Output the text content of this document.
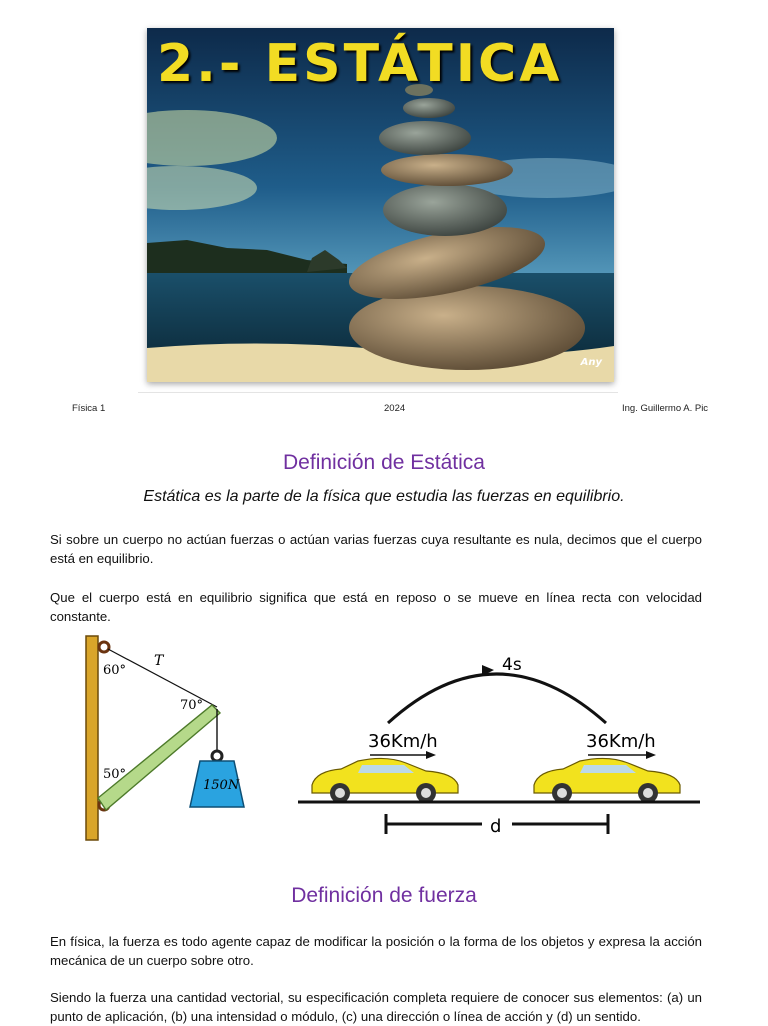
2.- ESTÁTICA
Any
Física 1	2024	Ing. Guillermo A. Pic
Definición de Estática
Estática es la parte de la física que estudia las fuerzas en equilibrio.
Si sobre un cuerpo no actúan fuerzas o actúan varias fuerzas cuya resultante es nula, decimos que el cuerpo está en equilibrio.
Que el cuerpo está en equilibrio significa que está en reposo o se mueve en línea recta con velocidad constante.
60°
T
70°
50°
150N
4s
36Km/h	36Km/h
d
Definición de fuerza
En física, la fuerza es todo agente capaz de modificar la posición o la forma de los objetos y expresa la acción mecánica de un cuerpo sobre otro.
Siendo la fuerza una cantidad vectorial, su especificación completa requiere de conocer sus elementos: (a) un punto de aplicación, (b) una intensidad o módulo, (c) una dirección o línea de acción y (d) un sentido.
